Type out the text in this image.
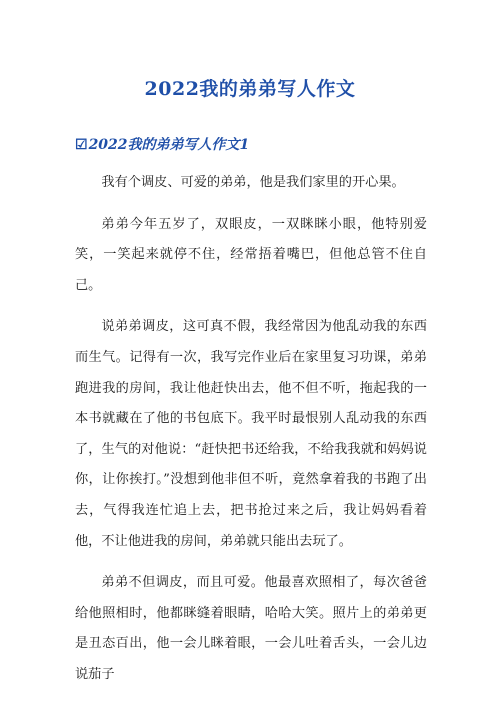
2022我的弟弟写人作文
☑2022我的弟弟写人作文1

我有个调皮、可爱的弟弟，他是我们家里的开心果。

弟弟今年五岁了，双眼皮，一双眯眯小眼，他特别爱笑，一笑起来就停不住，经常捂着嘴巴，但他总管不住自己。

说弟弟调皮，这可真不假，我经常因为他乱动我的东西而生气。记得有一次，我写完作业后在家里复习功课，弟弟跑进我的房间，我让他赶快出去，他不但不听，拖起我的一本书就藏在了他的书包底下。我平时最恨别人乱动我的东西了，生气的对他说：“赶快把书还给我，不给我我就和妈妈说你，让你挨打。”没想到他非但不听，竟然拿着我的书跑了出去，气得我连忙追上去，把书抢过来之后，我让妈妈看着他，不让他进我的房间，弟弟就只能出去玩了。

弟弟不但调皮，而且可爱。他最喜欢照相了，每次爸爸给他照相时，他都眯缝着眼睛，哈哈大笑。照片上的弟弟更是丑态百出，他一会儿眯着眼，一会儿吐着舌头，一会儿边说茄子
